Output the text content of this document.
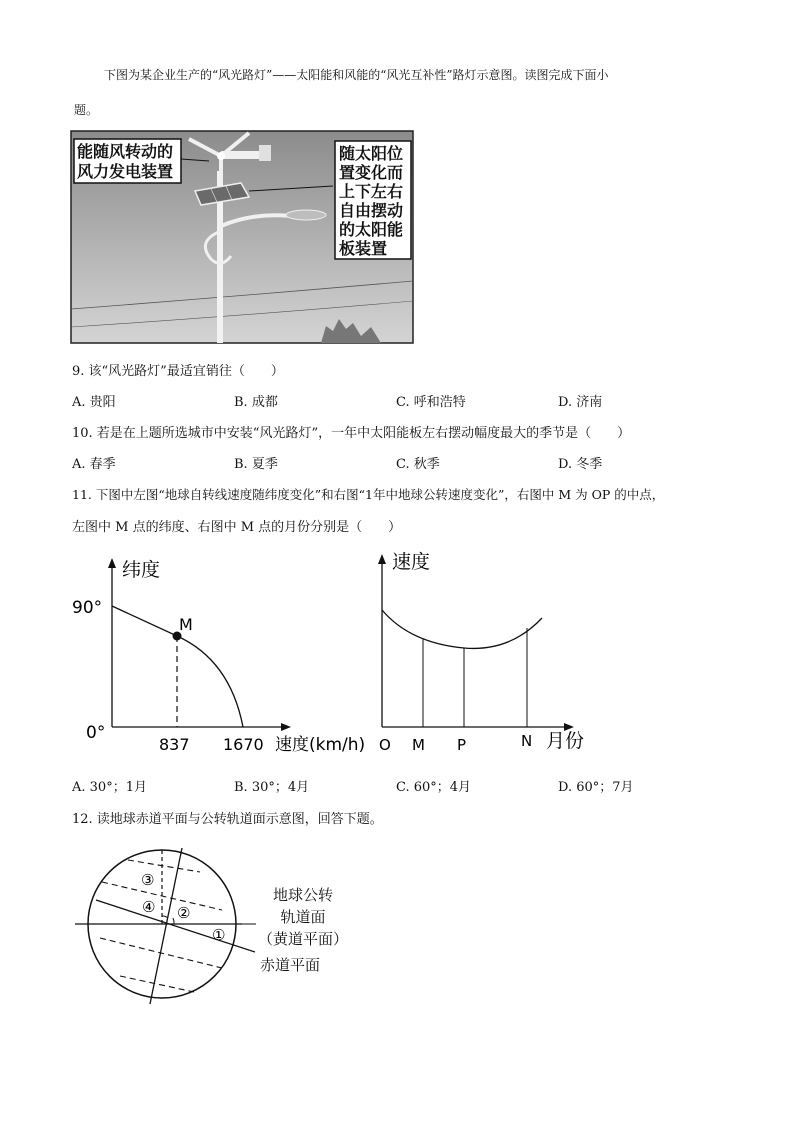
下图为某企业生产的“风光路灯”——太阳能和风能的“风光互补性”路灯示意图。读图完成下面小
题。
能随风转动的
风力发电装置
随太阳位
置变化而
上下左右
自由摆动
的太阳能
板装置
9. 该“风光路灯”最适宜销往（　　）
A. 贵阳	B. 成都	C. 呼和浩特	D. 济南
10. 若是在上题所选城市中安装“风光路灯”，一年中太阳能板左右摆动幅度最大的季节是（　　）
A. 春季	B. 夏季	C. 秋季	D. 冬季
11. 下图中左图“地球自转线速度随纬度变化”和右图“1年中地球公转速度变化”，右图中 M 为 OP 的中点，
左图中 M 点的纬度、右图中 M 点的月份分别是（　　）
纬度
90°
0°
M
837 1670 速度(km/h)
速度
O M P	N 月份
A. 30°；1月	B. 30°；4月	C. 60°；4月	D. 60°；7月
12. 读地球赤道平面与公转轨道面示意图，回答下题。
①
②
③
④
地球公转
轨道面
（黄道平面）
赤道平面
